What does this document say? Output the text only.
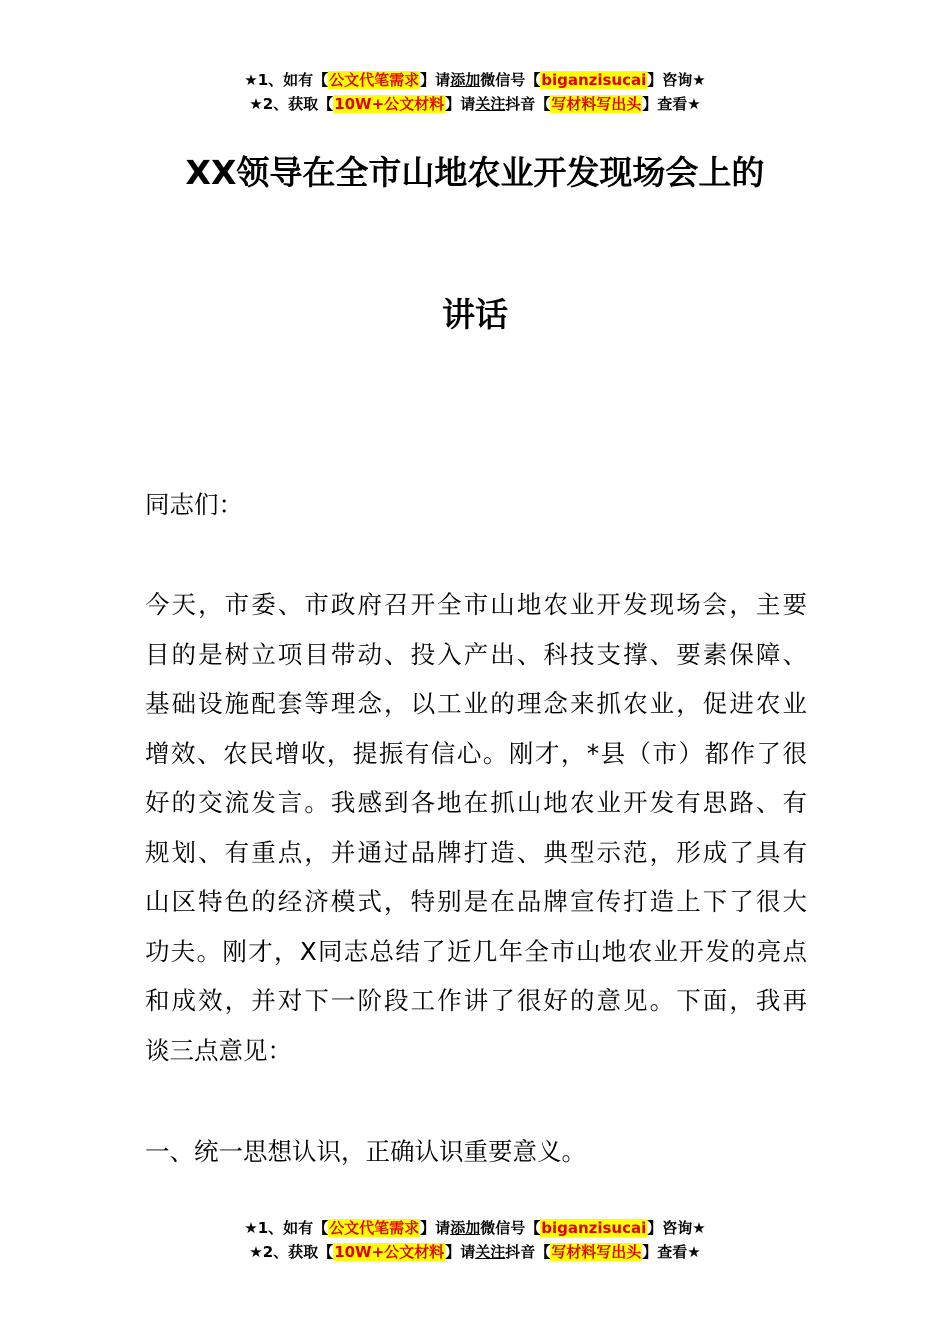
★1、如有【公文代笔需求】请添加微信号【biganzisucai】咨询★
★2、获取【10W+公文材料】请关注抖音【写材料写出头】查看★
XX领导在全市山地农业开发现场会上的
讲话
同志们：
今天，市委、市政府召开全市山地农业开发现场会，主要
目的是树立项目带动、投入产出、科技支撑、要素保障、
基础设施配套等理念，以工业的理念来抓农业，促进农业
增效、农民增收，提振有信心。刚才，*县（市）都作了很
好的交流发言。我感到各地在抓山地农业开发有思路、有
规划、有重点，并通过品牌打造、典型示范，形成了具有
山区特色的经济模式，特别是在品牌宣传打造上下了很大
功夫。刚才，X同志总结了近几年全市山地农业开发的亮点
和成效，并对下一阶段工作讲了很好的意见。下面，我再
谈三点意见：
一、统一思想认识，正确认识重要意义。
★1、如有【公文代笔需求】请添加微信号【biganzisucai】咨询★
★2、获取【10W+公文材料】请关注抖音【写材料写出头】查看★
